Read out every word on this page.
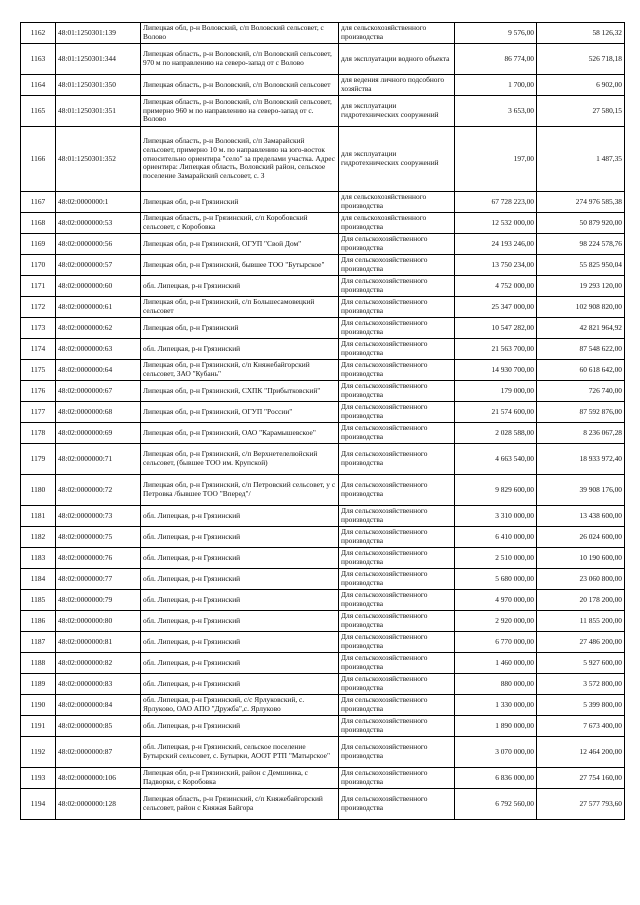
1162	48:01:1250301:139	Липецкая обл, р-н Воловский, с/п Воловский сельсовет, с Волово	для сельскохозяйственного производства	9 576,00	58 126,32
1163	48:01:1250301:344	Липецкая область, р-н Воловский, с/п Воловский сельсовет, 970 м по направлению на северо-запад от с Волово	для эксплуатации водного объекта	86 774,00	526 718,18
1164	48:01:1250301:350	Липецкая область, р-н Воловский, с/п Воловский сельсовет	для ведения личного подсобного хозяйства	1 700,00	6 902,00
1165	48:01:1250301:351	Липецкая область, р-н Воловский, с/п Воловский сельсовет, примерно 960 м по направлению на северо-запад от с. Волово	для эксплуатации гидротехнических сооружений	3 653,00	27 580,15
1166	48:01:1250301:352	Липецкая область, р-н Воловский, с/п Замарайский сельсовет, примерно 10 м. по направлению на юго-восток относительно ориентира "село" за пределами участка. Адрес ориентира: Липецкая область, Воловский район, сельское поселение Замарайский сельсовет, с. З	для эксплуатации гидротехнических сооружений	197,00	1 487,35
1167	48:02:0000000:1	Липецкая обл, р-н Грязинский	для сельскохозяйственного производства	67 728 223,00	274 976 585,38
1168	48:02:0000000:53	Липецкая область, р-н Грязинский, с/п Коробовский сельсовет, с Коробовка	для сельскохозяйственного производства	12 532 000,00	50 879 920,00
1169	48:02:0000000:56	Липецкая обл, р-н Грязинский, ОГУП "Свой Дом"	Для сельскохозяйственного производства	24 193 246,00	98 224 578,76
1170	48:02:0000000:57	Липецкая обл, р-н Грязинский, бывшее ТОО "Бутырское"	Для сельскохозяйственного производства	13 750 234,00	55 825 950,04
1171	48:02:0000000:60	обл. Липецкая, р-н Грязинский	Для сельскохозяйственного производства	4 752 000,00	19 293 120,00
1172	48:02:0000000:61	Липецкая обл, р-н Грязинский, с/п Большесамовецкий сельсовет	Для сельскохозяйственного производства	25 347 000,00	102 908 820,00
1173	48:02:0000000:62	Липецкая обл, р-н Грязинский	Для сельскохозяйственного производства	10 547 282,00	42 821 964,92
1174	48:02:0000000:63	обл. Липецкая, р-н Грязинский	Для сельскохозяйственного производства	21 563 700,00	87 548 622,00
1175	48:02:0000000:64	Липецкая обл, р-н Грязинский, с/п Княжебайгорский сельсовет, ЗАО "Кубань"	Для сельскохозяйственного производства	14 930 700,00	60 618 642,00
1176	48:02:0000000:67	Липецкая обл, р-н Грязинский, СХПК "Прибытковский"	Для сельскохозяйственного производства	179 000,00	726 740,00
1177	48:02:0000000:68	Липецкая обл, р-н Грязинский, ОГУП "России"	Для сельскохозяйственного производства	21 574 600,00	87 592 876,00
1178	48:02:0000000:69	Липецкая обл, р-н Грязинский, ОАО "Карамышевское"	Для сельскохозяйственного производства	2 028 588,00	8 236 067,28
1179	48:02:0000000:71	Липецкая обл, р-н Грязинский, с/п Верхнетелелюйский сельсовет, (бывшее ТОО им. Крупской)	Для сельскохозяйственного производства	4 663 540,00	18 933 972,40
1180	48:02:0000000:72	Липецкая обл, р-н Грязинский, с/п Петровский сельсовет, у с Петровка /бывшее ТОО "Вперед"/	Для сельскохозяйственного производства	9 829 600,00	39 908 176,00
1181	48:02:0000000:73	обл. Липецкая, р-н Грязинский	Для сельскохозяйственного производства	3 310 000,00	13 438 600,00
1182	48:02:0000000:75	обл. Липецкая, р-н Грязинский	Для сельскохозяйственного производства	6 410 000,00	26 024 600,00
1183	48:02:0000000:76	обл. Липецкая, р-н Грязинский	Для сельскохозяйственного производства	2 510 000,00	10 190 600,00
1184	48:02:0000000:77	обл. Липецкая, р-н Грязинский	Для сельскохозяйственного производства	5 680 000,00	23 060 800,00
1185	48:02:0000000:79	обл. Липецкая, р-н Грязинский	Для сельскохозяйственного производства	4 970 000,00	20 178 200,00
1186	48:02:0000000:80	обл. Липецкая, р-н Грязинский	Для сельскохозяйственного производства	2 920 000,00	11 855 200,00
1187	48:02:0000000:81	обл. Липецкая, р-н Грязинский	Для сельскохозяйственного производства	6 770 000,00	27 486 200,00
1188	48:02:0000000:82	обл. Липецкая, р-н Грязинский	Для сельскохозяйственного производства	1 460 000,00	5 927 600,00
1189	48:02:0000000:83	обл. Липецкая, р-н Грязинский	Для сельскохозяйственного производства	880 000,00	3 572 800,00
1190	48:02:0000000:84	обл. Липецкая, р-н Грязинский, с/с Ярлуковский, с. Ярлуково, ОАО АПО "Дружба",с. Ярлуково	Для сельскохозяйственного производства	1 330 000,00	5 399 800,00
1191	48:02:0000000:85	обл. Липецкая, р-н Грязинский	Для сельскохозяйственного производства	1 890 000,00	7 673 400,00
1192	48:02:0000000:87	обл. Липецкая, р-н Грязинский, сельское поселение Бутырский сельсовет, с. Бутырки, АООТ РТП "Матырское"	Для сельскохозяйственного производства	3 070 000,00	12 464 200,00
1193	48:02:0000000:106	Липецкая обл, р-н Грязинский, район с Демшинка, с Падворки, с Коробовка	Для сельскохозяйственного производства	6 836 000,00	27 754 160,00
1194	48:02:0000000:128	Липецкая область, р-н Грязинский, с/п Княжебайгорский сельсовет, район с Княжая Байгора	Для сельскохозяйственного производства	6 792 560,00	27 577 793,60
